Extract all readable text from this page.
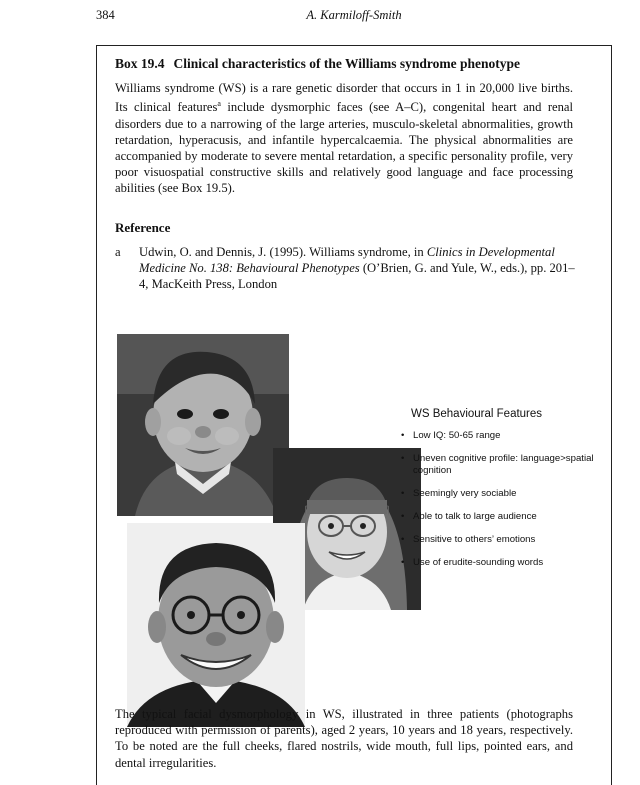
384	A. Karmiloff-Smith
Box 19.4 Clinical characteristics of the Williams syndrome phenotype

Williams syndrome (WS) is a rare genetic disorder that occurs in 1 in 20,000 live births. Its clinical features$^a$ include dysmorphic faces (see A–C), congenital heart and renal disorders due to a narrowing of the large arteries, musculo-skeletal abnormalities, growth retardation, hyperacusis, and infantile hypercalcaemia. The physical abnormalities are accompanied by moderate to severe mental retardation, a specific personality profile, very poor visuospatial constructive skills and relatively good language and face processing abilities (see Box 19.5).

Reference
a Udwin, O. and Dennis, J. (1995). Williams syndrome, in Clinics in Developmental Medicine No. 138: Behavioural Phenotypes (O’Brien, G. and Yule, W., eds.), pp. 201–4, MacKeith Press, London

WS Behavioural Features

• Low IQ: 50-65 range
• Uneven cognitive profile: language>spatial cognition
• Seemingly very sociable
• Able to talk to large audience
• Sensitive to others’ emotions
• Use of erudite-sounding words

The typical facial dysmorphology in WS, illustrated in three patients (photographs reproduced with permission of parents), aged 2 years, 10 years and 18 years, respectively. To be noted are the full cheeks, flared nostrils, wide mouth, full lips, pointed ears, and dental irregularities.
